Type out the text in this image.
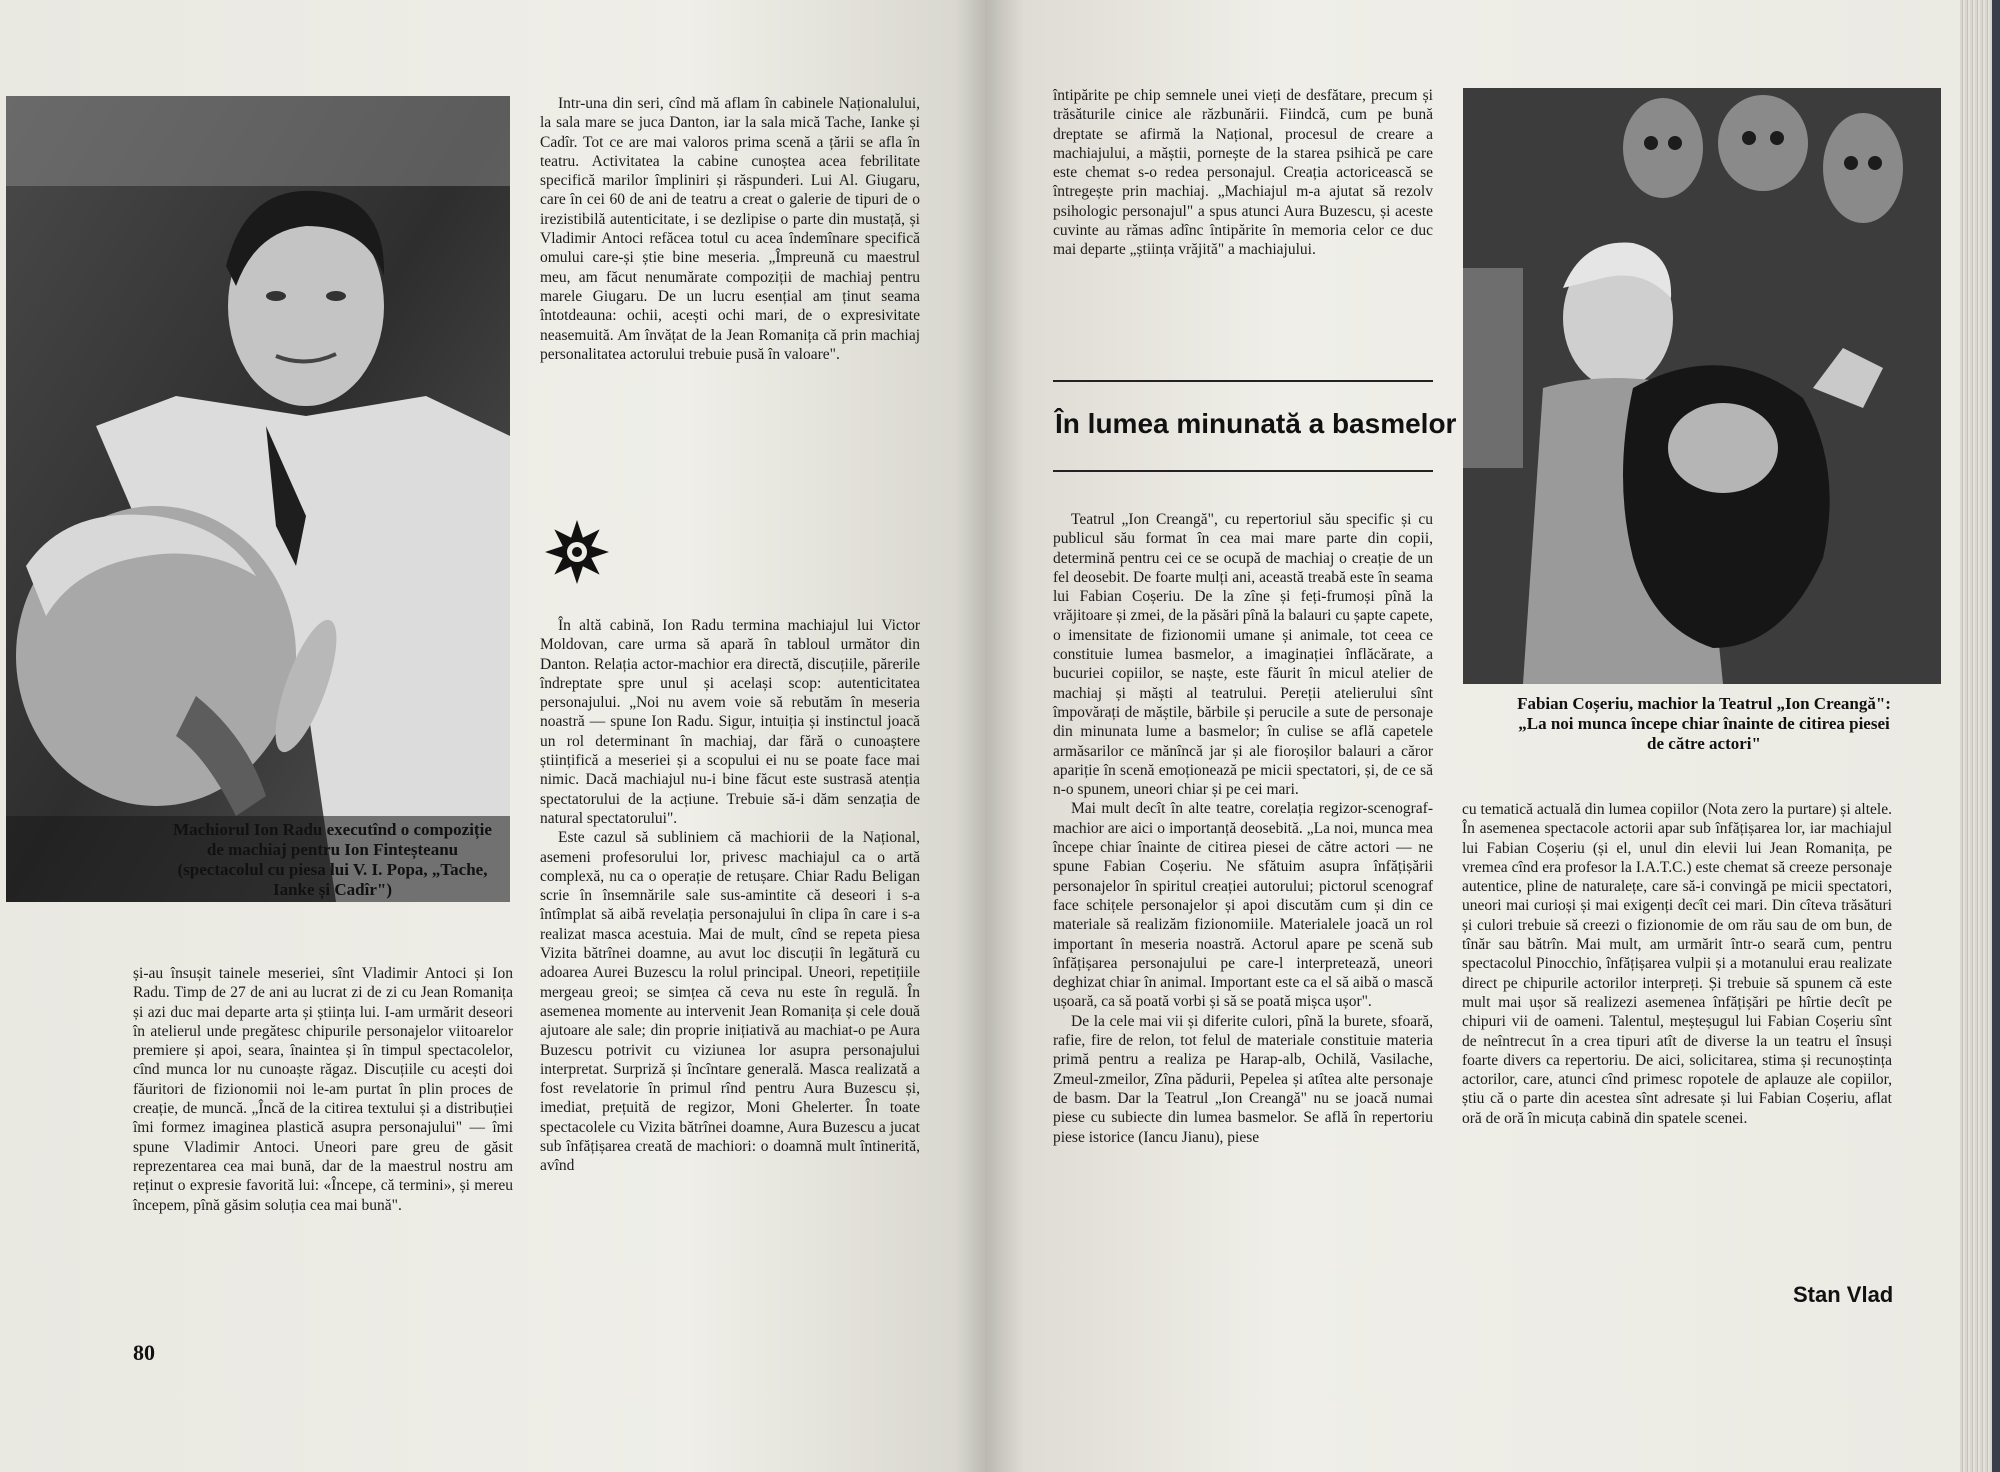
Machiorul Ion Radu executînd o compoziție de machiaj pentru Ion Finteșteanu (spectacolul cu piesa lui V. I. Popa, „Tache, Ianke și Cadîr")

Intr-una din seri, cînd mă aflam în cabinele Naționalului, la sala mare se juca Danton, iar la sala mică Tache, Ianke și Cadîr. Tot ce are mai valoros prima scenă a țării se afla în teatru. Activitatea la cabine cunoștea acea febrilitate specifică marilor împliniri și răspunderi. Lui Al. Giugaru, care în cei 60 de ani de teatru a creat o galerie de tipuri de o irezistibilă autenticitate, i se dezlipise o parte din mustață, și Vladimir Antoci refăcea totul cu acea îndemînare specifică omului care-și știe bine meseria. „Împreună cu maestrul meu, am făcut nenumărate compoziții de machiaj pentru marele Giugaru. De un lucru esențial am ținut seama întotdeauna: ochii, acești ochi mari, de o expresivitate neasemuită. Am învățat de la Jean Romanița că prin machiaj personalitatea actorului trebuie pusă în valoare".

și-au însușit tainele meseriei, sînt Vladimir Antoci și Ion Radu. Timp de 27 de ani au lucrat zi de zi cu Jean Romanița și azi duc mai departe arta și știința lui. I-am urmărit deseori în atelierul unde pregătesc chipurile personajelor viitoarelor premiere și apoi, seara, înaintea și în timpul spectacolelor, cînd munca lor nu cunoaște răgaz. Discuțiile cu acești doi făuritori de fizionomii noi le-am purtat în plin proces de creație, de muncă. „Încă de la citirea textului și a distribuției îmi formez imaginea plastică asupra personajului" — îmi spune Vladimir Antoci. Uneori pare greu de găsit reprezentarea cea mai bună, dar de la maestrul nostru am reținut o expresie favorită lui: «Începe, că termini», și mereu începem, pînă găsim soluția cea mai bună".

În altă cabină, Ion Radu termina machiajul lui Victor Moldovan, care urma să apară în tabloul următor din Danton. Relația actor-machior era directă, discuțiile, părerile îndreptate spre unul și același scop: autenticitatea personajului. „Noi nu avem voie să rebutăm în meseria noastră — spune Ion Radu. Sigur, intuiția și instinctul joacă un rol determinant în machiaj, dar fără o cunoaștere științifică a meseriei și a scopului ei nu se poate face mai nimic. Dacă machiajul nu-i bine făcut este sustrasă atenția spectatorului de la acțiune. Trebuie să-i dăm senzația de natural spectatorului".

Este cazul să subliniem că machiorii de la Național, asemeni profesorului lor, privesc machiajul ca o artă complexă, nu ca o operație de retușare. Chiar Radu Beligan scrie în însemnările sale sus-amintite că deseori i s-a întîmplat să aibă revelația personajului în clipa în care i s-a realizat masca acestuia. Mai de mult, cînd se repeta piesa Vizita bătrînei doamne, au avut loc discuții în legătură cu adoarea Aurei Buzescu la rolul principal. Uneori, repetițiile mergeau greoi; se simțea că ceva nu este în regulă. În asemenea momente au intervenit Jean Romanița și cele două ajutoare ale sale; din proprie inițiativă au machiat-o pe Aura Buzescu potrivit cu viziunea lor asupra personajului interpretat. Surpriză și încîntare generală. Masca realizată a fost revelatorie în primul rînd pentru Aura Buzescu și, imediat, prețuită de regizor, Moni Ghelerter. În toate spectacolele cu Vizita bătrînei doamne, Aura Buzescu a jucat sub înfățișarea creată de machiori: o doamnă mult întinerită, avînd

80

întipărite pe chip semnele unei vieți de desfătare, precum și trăsăturile cinice ale răzbunării. Fiindcă, cum pe bună dreptate se afirmă la Național, procesul de creare a machiajului, a măștii, pornește de la starea psihică pe care este chemat s-o redea personajul. Creația actoricească se întregește prin machiaj. „Machiajul m-a ajutat să rezolv psihologic personajul" a spus atunci Aura Buzescu, și aceste cuvinte au rămas adînc întipărite în memoria celor ce duc mai departe „știința vrăjită" a machiajului.

În lumea minunată a basmelor

Teatrul „Ion Creangă", cu repertoriul său specific și cu publicul său format în cea mai mare parte din copii, determină pentru cei ce se ocupă de machiaj o creație de un fel deosebit. De foarte mulți ani, această treabă este în seama lui Fabian Coșeriu. De la zîne și feți-frumoși pînă la vrăjitoare și zmei, de la păsări pînă la balauri cu șapte capete, o imensitate de fizionomii umane și animale, tot ceea ce constituie lumea basmelor, a imaginației înflăcărate, a bucuriei copiilor, se naște, este făurit în micul atelier de machiaj și măști al teatrului. Pereții atelierului sînt împovărați de măștile, bărbile și perucile a sute de personaje din minunata lume a basmelor; în culise se află capetele armăsarilor ce mănîncă jar și ale fioroșilor balauri a căror apariție în scenă emoționează pe micii spectatori, și, de ce să n-o spunem, uneori chiar și pe cei mari.

Mai mult decît în alte teatre, corelația regizor-scenograf-machior are aici o importanță deosebită. „La noi, munca mea începe chiar înainte de citirea piesei de către actori — ne spune Fabian Coșeriu. Ne sfătuim asupra înfățișării personajelor în spiritul creației autorului; pictorul scenograf face schițele personajelor și apoi discutăm cum și din ce materiale să realizăm fizionomiile. Materialele joacă un rol important în meseria noastră. Actorul apare pe scenă sub înfățișarea personajului pe care-l interpretează, uneori deghizat chiar în animal. Important este ca el să aibă o mască ușoară, ca să poată vorbi și să se poată mișca ușor".

De la cele mai vii și diferite culori, pînă la burete, sfoară, rafie, fire de relon, tot felul de materiale constituie materia primă pentru a realiza pe Harap-alb, Ochilă, Vasilache, Zmeul-zmeilor, Zîna pădurii, Pepelea și atîtea alte personaje de basm. Dar la Teatrul „Ion Creangă" nu se joacă numai piese cu subiecte din lumea basmelor. Se află în repertoriu piese istorice (Iancu Jianu), piese

Fabian Coșeriu, machior la Teatrul „Ion Creangă": „La noi munca începe chiar înainte de citirea piesei de către actori"

cu tematică actuală din lumea copiilor (Nota zero la purtare) și altele. În asemenea spectacole actorii apar sub înfățișarea lor, iar machiajul lui Fabian Coșeriu (și el, unul din elevii lui Jean Romanița, pe vremea cînd era profesor la I.A.T.C.) este chemat să creeze personaje autentice, pline de naturalețe, care să-i convingă pe micii spectatori, uneori mai curioși și mai exigenți decît cei mari. Din cîteva trăsături și culori trebuie să creezi o fizionomie de om rău sau de om bun, de tînăr sau bătrîn. Mai mult, am urmărit într-o seară cum, pentru spectacolul Pinocchio, înfățișarea vulpii și a motanului erau realizate direct pe chipurile actorilor interpreți. Și trebuie să spunem că este mult mai ușor să realizezi asemenea înfățișări pe hîrtie decît pe chipuri vii de oameni. Talentul, meșteșugul lui Fabian Coșeriu sînt de neîntrecut în a crea tipuri atît de diverse la un teatru el însuși foarte divers ca repertoriu. De aici, solicitarea, stima și recunoștința actorilor, care, atunci cînd primesc ropotele de aplauze ale copiilor, știu că o parte din acestea sînt adresate și lui Fabian Coșeriu, aflat oră de oră în micuța cabină din spatele scenei.

Stan Vlad
